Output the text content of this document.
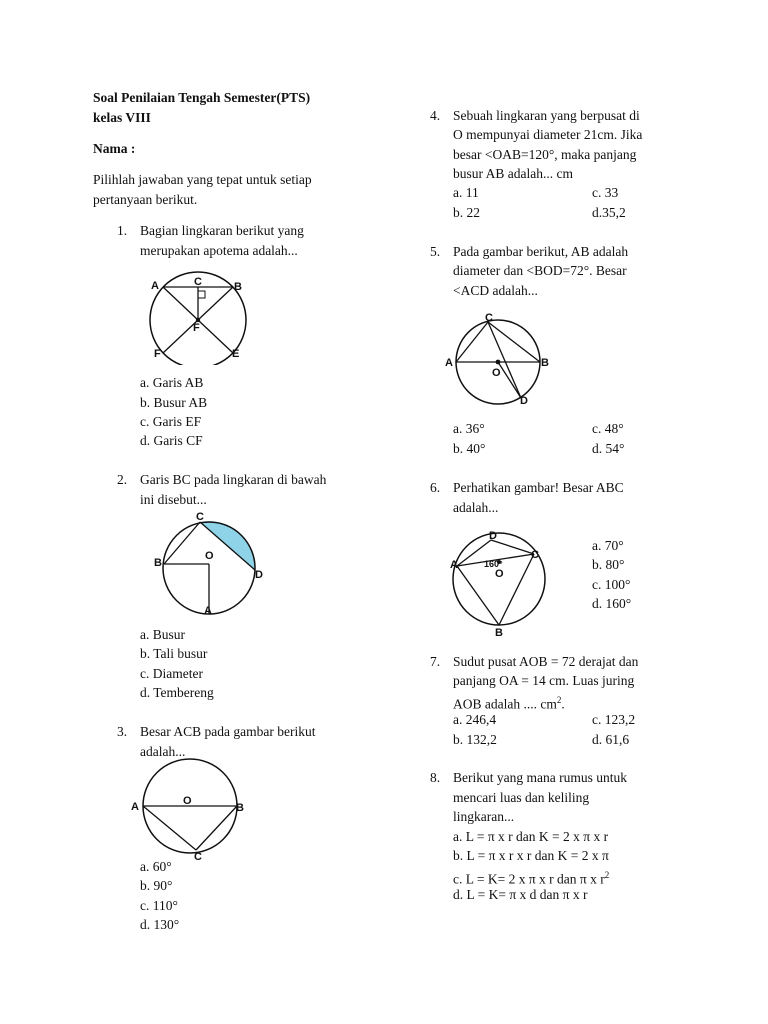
Soal Penilaian Tengah Semester(PTS)
kelas VIII
Nama :
Pilihlah jawaban yang tepat untuk setiap
pertanyaan berikut.
1. Bagian lingkaran berikut yang
merupakan apotema adalah...
A	C	B
F
F	E
a. Garis AB
b. Busur AB
c. Garis EF
d. Garis CF
2. Garis BC pada lingkaran di bawah
ini disebut...
C
B
O
D
A
a. Busur
b. Tali busur
c. Diameter
d. Tembereng
3. Besar ACB pada gambar berikut
adalah...
A	O
B
C
a. 60°
b. 90°
c. 110°
d. 130°
4. Sebuah lingkaran yang berpusat di
O mempunyai diameter 21cm. Jika
besar <OAB=120°, maka panjang
busur AB adalah... cm
a. 11	c. 33
b. 22	d.35,2
5. Pada gambar berikut, AB adalah
diameter dan <BOD=72°. Besar
<ACD adalah...
C
A
O
B
D
a. 36°	c. 48°
b. 40°	d. 54°
6. Perhatikan gambar! Besar ABC
adalah...
D
C
A	160°
O
B
a. 70°
b. 80°
c. 100°
d. 160°
7. Sudut pusat AOB = 72 derajat dan
panjang OA = 14 cm. Luas juring
AOB adalah .... $cm^2$.
a. 246,4	c. 123,2
b. 132,2	d. 61,6
8. Berikut yang mana rumus untuk
mencari luas dan keliling
lingkaran...
a. L = π x r dan K = 2 x π x r
b. L = π x r x r dan K = 2 x π
c. L = K= 2 x π x r dan π x $r^2$
d. L = K= π x d dan π x r
